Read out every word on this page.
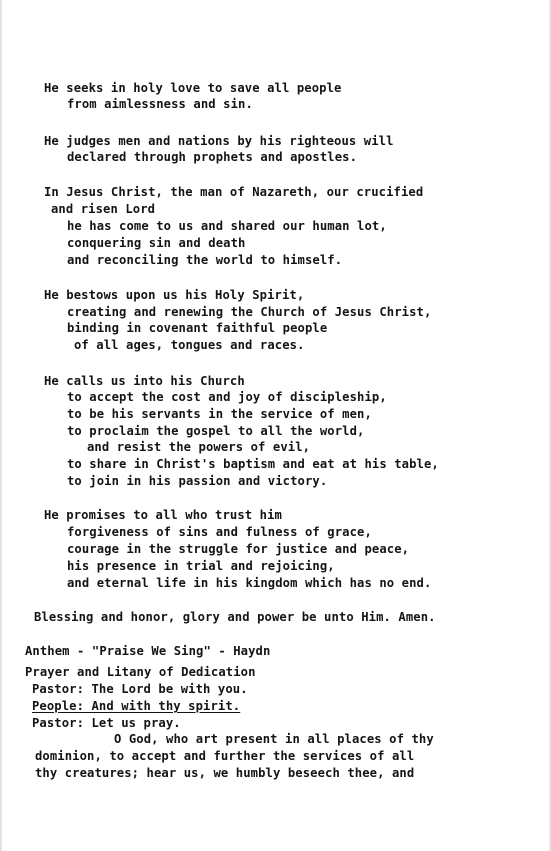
He seeks in holy love to save all people
from aimlessness and sin.
He judges men and nations by his righteous will
declared through prophets and apostles.
In Jesus Christ, the man of Nazareth, our crucified
and risen Lord
he has come to us and shared our human lot,
conquering sin and death
and reconciling the world to himself.
He bestows upon us his Holy Spirit,
creating and renewing the Church of Jesus Christ,
binding in covenant faithful people
of all ages, tongues and races.
He calls us into his Church
to accept the cost and joy of discipleship,
to be his servants in the service of men,
to proclaim the gospel to all the world,
and resist the powers of evil,
to share in Christ's baptism and eat at his table,
to join in his passion and victory.
He promises to all who trust him
forgiveness of sins and fulness of grace,
courage in the struggle for justice and peace,
his presence in trial and rejoicing,
and eternal life in his kingdom which has no end.
Blessing and honor, glory and power be unto Him. Amen.
Anthem - "Praise We Sing" - Haydn
Prayer and Litany of Dedication
Pastor: The Lord be with you.
People: And with thy spirit.
Pastor: Let us pray.
O God, who art present in all places of thy
dominion, to accept and further the services of all
thy creatures; hear us, we humbly beseech thee, and
